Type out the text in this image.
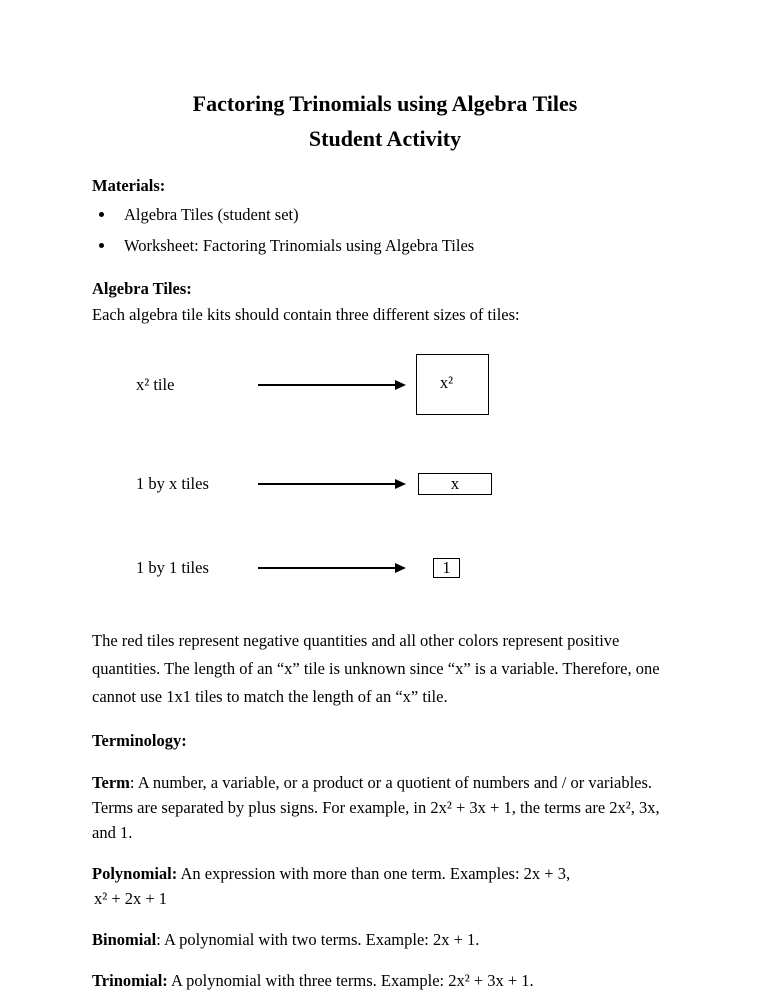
Factoring Trinomials using Algebra Tiles
Student Activity
Materials:
• Algebra Tiles (student set)
• Worksheet: Factoring Trinomials using Algebra Tiles
Algebra Tiles:
Each algebra tile kits should contain three different sizes of tiles:
x² tile	x²
1 by x tiles	x
1 by 1 tiles	1
The red tiles represent negative quantities and all other colors represent positive quantities. The length of an “x” tile is unknown since “x” is a variable. Therefore, one cannot use 1x1 tiles to match the length of an “x” tile.
Terminology:
Term: A number, a variable, or a product or a quotient of numbers and / or variables. Terms are separated by plus signs. For example, in 2x² + 3x + 1, the terms are 2x², 3x, and 1.
Polynomial: An expression with more than one term. Examples: 2x + 3,
x² + 2x + 1
Binomial: A polynomial with two terms. Example: 2x + 1.
Trinomial: A polynomial with three terms. Example: 2x² + 3x + 1.
